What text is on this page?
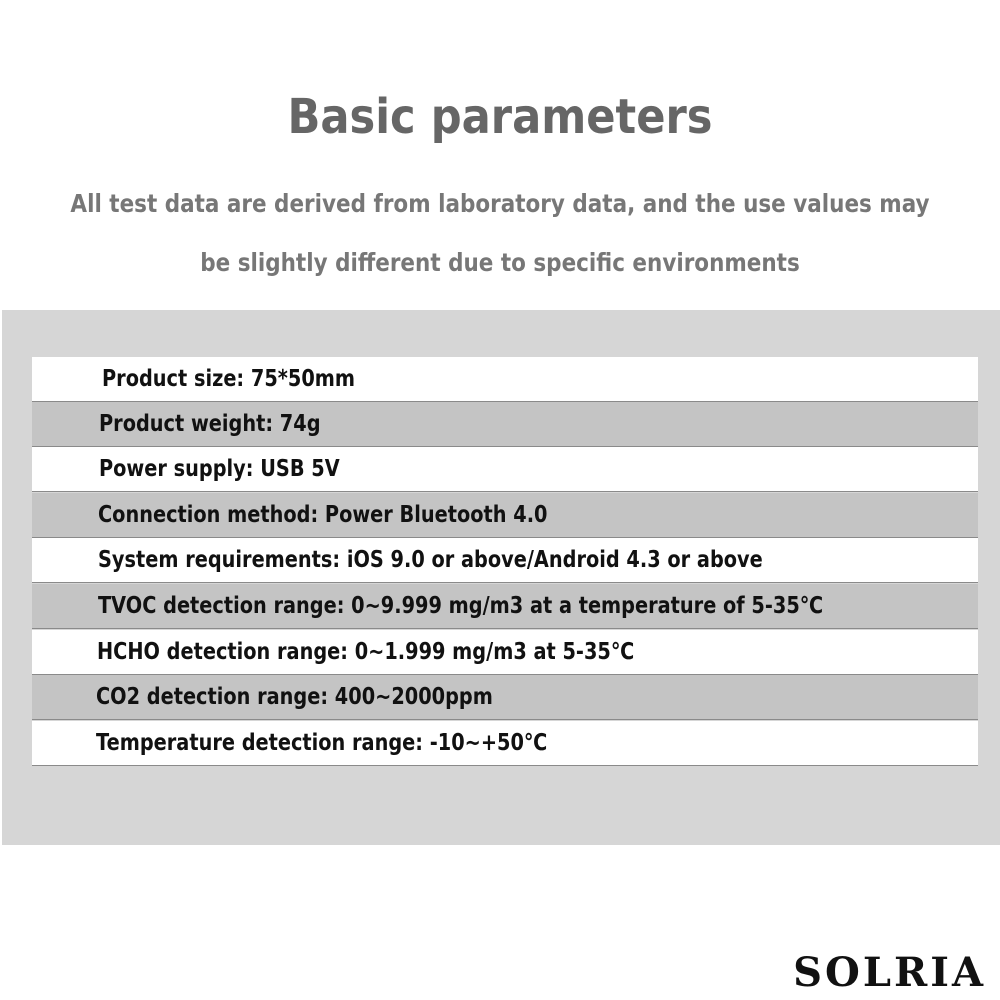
Basic parameters
All test data are derived from laboratory data, and the use values may
be slightly different due to specific environments
Product size: 75*50mm
Product weight: 74g
Power supply: USB 5V
Connection method: Power Bluetooth 4.0
System requirements: iOS 9.0 or above/Android 4.3 or above
TVOC detection range: 0~9.999 mg/m3 at a temperature of 5-35℃
HCHO detection range: 0~1.999 mg/m3 at 5-35℃
CO2 detection range: 400~2000ppm
Temperature detection range: -10~+50℃
SOLRIA
